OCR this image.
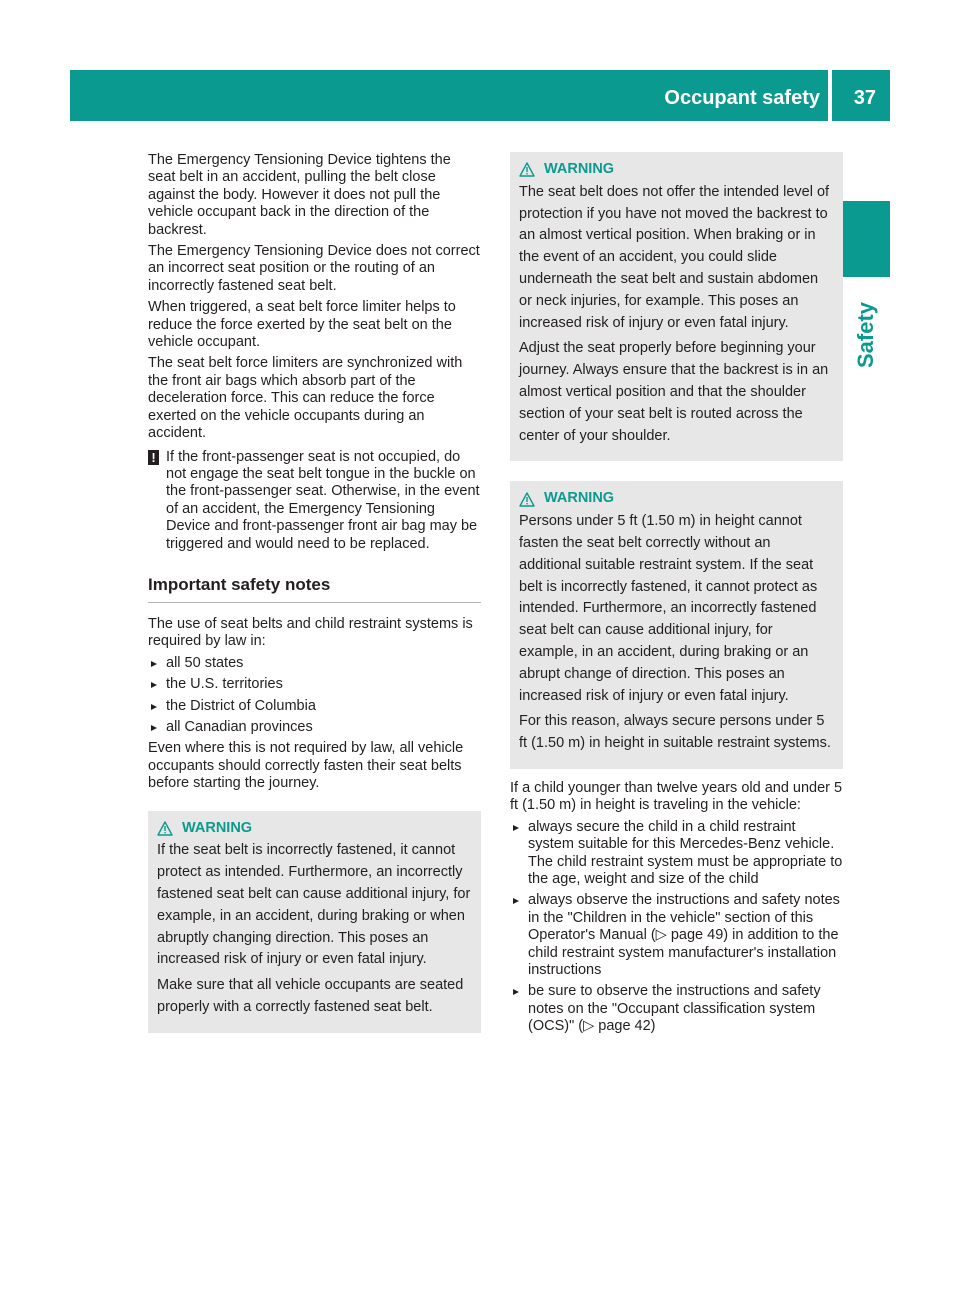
Occupant safety 37
Safety

The Emergency Tensioning Device tightens the seat belt in an accident, pulling the belt close against the body. However it does not pull the vehicle occupant back in the direction of the backrest.

The Emergency Tensioning Device does not correct an incorrect seat position or the routing of an incorrectly fastened seat belt.

When triggered, a seat belt force limiter helps to reduce the force exerted by the seat belt on the vehicle occupant.

The seat belt force limiters are synchronized with the front air bags which absorb part of the deceleration force. This can reduce the force exerted on the vehicle occupants during an accident.

! If the front-passenger seat is not occupied, do not engage the seat belt tongue in the buckle on the front-passenger seat. Otherwise, in the event of an accident, the Emergency Tensioning Device and front-passenger front air bag may be triggered and would need to be replaced.
Important safety notes

The use of seat belts and child restraint systems is required by law in:

all 50 states
the U.S. territories
the District of Columbia
all Canadian provinces

Even where this is not required by law, all vehicle occupants should correctly fasten their seat belts before starting the journey.

WARNING

If the seat belt is incorrectly fastened, it cannot protect as intended. Furthermore, an incorrectly fastened seat belt can cause additional injury, for example, in an accident, during braking or when abruptly changing direction. This poses an increased risk of injury or even fatal injury.

Make sure that all vehicle occupants are seated properly with a correctly fastened seat belt.

WARNING

The seat belt does not offer the intended level of protection if you have not moved the backrest to an almost vertical position. When braking or in the event of an accident, you could slide underneath the seat belt and sustain abdomen or neck injuries, for example. This poses an increased risk of injury or even fatal injury.

Adjust the seat properly before beginning your journey. Always ensure that the backrest is in an almost vertical position and that the shoulder section of your seat belt is routed across the center of your shoulder.

WARNING

Persons under 5 ft (1.50 m) in height cannot fasten the seat belt correctly without an additional suitable restraint system. If the seat belt is incorrectly fastened, it cannot protect as intended. Furthermore, an incorrectly fastened seat belt can cause additional injury, for example, in an accident, during braking or an abrupt change of direction. This poses an increased risk of injury or even fatal injury.

For this reason, always secure persons under 5 ft (1.50 m) in height in suitable restraint systems.

If a child younger than twelve years old and under 5 ft (1.50 m) in height is traveling in the vehicle:

always secure the child in a child restraint system suitable for this Mercedes-Benz vehicle. The child restraint system must be appropriate to the age, weight and size of the child
always observe the instructions and safety notes in the "Children in the vehicle" section of this Operator's Manual (▷ page 49) in addition to the child restraint system manufacturer's installation instructions
be sure to observe the instructions and safety notes on the "Occupant classification system (OCS)" (▷ page 42)
